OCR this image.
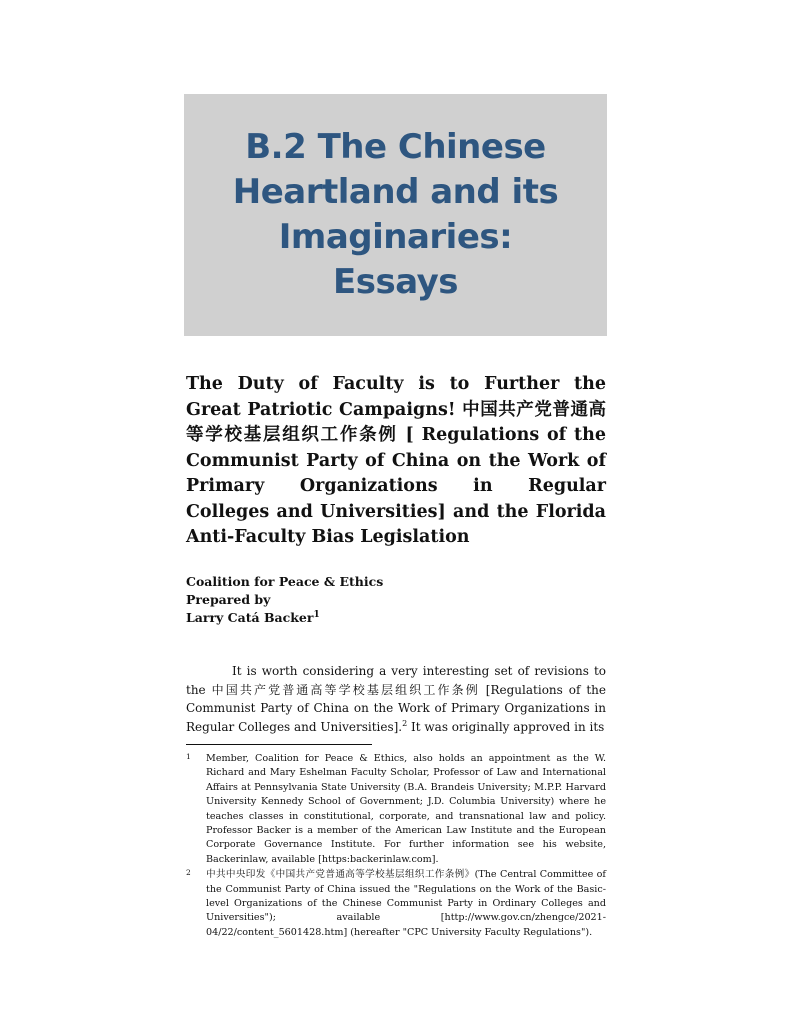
B.2 The Chinese
Heartland and its
Imaginaries:
Essays
The Duty of Faculty is to Further the Great Patriotic Campaigns! 中国共产党普通高等学校基层组织工作条例 [ Regulations of the Communist Party of China on the Work of Primary Organizations in Regular Colleges and Universities] and the Florida Anti-Faculty Bias Legislation

Coalition for Peace & Ethics
Prepared by
Larry Catá Backer$^1$

It is worth considering a very interesting set of revisions to the 中国共产党普通高等学校基层组织工作条例 [Regulations of the Communist Party of China on the Work of Primary Organizations in Regular Colleges and Universities].$^2$ It was originally approved in its

1 Member, Coalition for Peace & Ethics, also holds an appointment as the W. Richard and Mary Eshelman Faculty Scholar, Professor of Law and International Affairs at Pennsylvania State University (B.A. Brandeis University; M.P.P. Harvard University Kennedy School of Government; J.D. Columbia University) where he teaches classes in constitutional, corporate, and transnational law and policy. Professor Backer is a member of the American Law Institute and the European Corporate Governance Institute. For further information see his website, Backerinlaw, available [https:backerinlaw.com].
2 中共中央印发《中国共产党普通高等学校基层组织工作条例》(The Central Committee of the Communist Party of China issued the "Regulations on the Work of the Basic-level Organizations of the Chinese Communist Party in Ordinary Colleges and Universities"); available [http://www.gov.cn/zhengce/2021-04/22/content_5601428.htm] (hereafter "CPC University Faculty Regulations").
